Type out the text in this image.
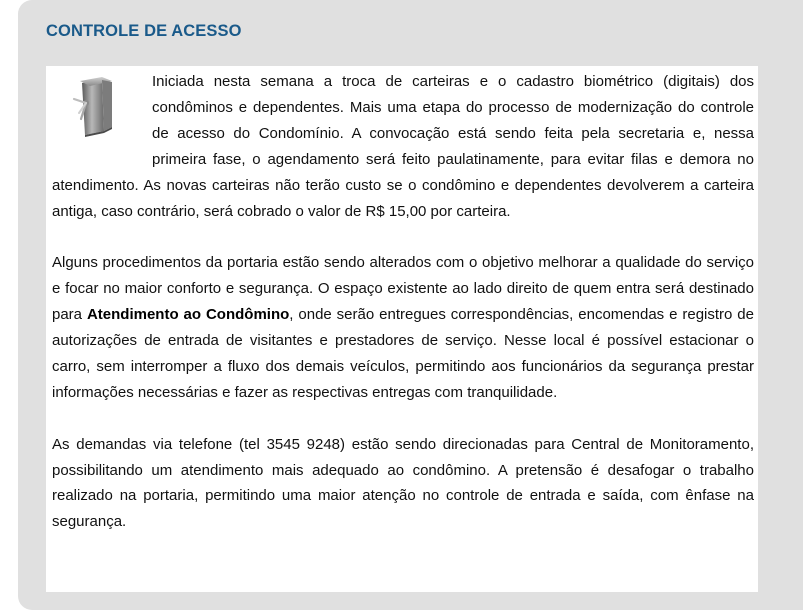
CONTROLE DE ACESSO

Iniciada nesta semana a troca de carteiras e o cadastro biométrico (digitais) dos condôminos e dependentes. Mais uma etapa do processo de modernização do controle de acesso do Condomínio. A convocação está sendo feita pela secretaria e, nessa primeira fase, o agendamento será feito paulatinamente, para evitar filas e demora no atendimento. As novas carteiras não terão custo se o condômino e dependentes devolverem a carteira antiga, caso contrário, será cobrado o valor de R$ 15,00 por carteira.

Alguns procedimentos da portaria estão sendo alterados com o objetivo melhorar a qualidade do serviço e focar no maior conforto e segurança. O espaço existente ao lado direito de quem entra será destinado para Atendimento ao Condômino, onde serão entregues correspondências, encomendas e registro de autorizações de entrada de visitantes e prestadores de serviço. Nesse local é possível estacionar o carro, sem interromper a fluxo dos demais veículos, permitindo aos funcionários da segurança prestar informações necessárias e fazer as respectivas entregas com tranquilidade.

As demandas via telefone (tel 3545 9248) estão sendo direcionadas para Central de Monitoramento, possibilitando um atendimento mais adequado ao condômino. A pretensão é desafogar o trabalho realizado na portaria, permitindo uma maior atenção no controle de entrada e saída, com ênfase na segurança.
